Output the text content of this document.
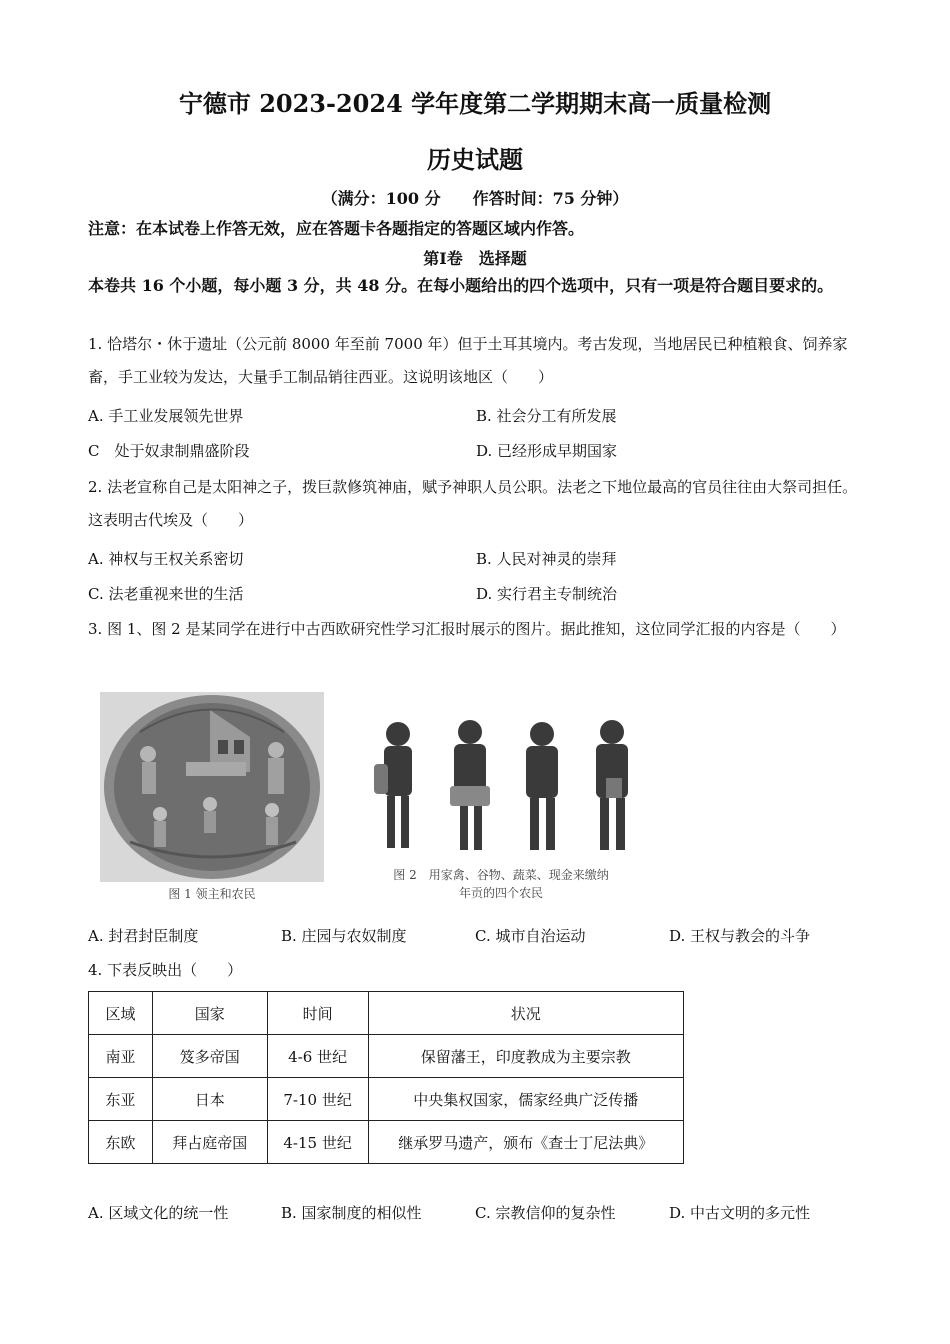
宁德市 2023-2024 学年度第二学期期末高一质量检测
历史试题
（满分：100 分　　作答时间：75 分钟）
注意：在本试卷上作答无效，应在答题卡各题指定的答题区域内作答。
第Ⅰ卷　选择题
本卷共 16 个小题，每小题 3 分，共 48 分。在每小题给出的四个选项中，只有一项是符合题目要求的。
1. 恰塔尔・休于遗址（公元前 8000 年至前 7000 年）但于土耳其境内。考古发现，当地居民已种植粮食、饲养家畜，手工业较为发达，大量手工制品销往西亚。这说明该地区（　　）
A. 手工业发展领先世界	B. 社会分工有所发展
C　处于奴隶制鼎盛阶段	D. 已经形成早期国家
2. 法老宣称自己是太阳神之子，拨巨款修筑神庙，赋予神职人员公职。法老之下地位最高的官员往往由大祭司担任。这表明古代埃及（　　）
A. 神权与王权关系密切	B. 人民对神灵的崇拜
C. 法老重视来世的生活	D. 实行君主专制统治
3. 图 1、图 2 是某同学在进行中古西欧研究性学习汇报时展示的图片。据此推知，这位同学汇报的内容是（　　）
图 1 领主和农民
图 2　用家禽、谷物、蔬菜、现金来缴纳
年贡的四个农民
A. 封君封臣制度	B. 庄园与农奴制度	C. 城市自治运动	D. 王权与教会的斗争
4. 下表反映出（　　）
区域	国家	时间	状况
南亚	笈多帝国	4-6 世纪	保留藩王，印度教成为主要宗教
东亚	日本	7-10 世纪	中央集权国家，儒家经典广泛传播
东欧	拜占庭帝国	4-15 世纪	继承罗马遗产，颁布《查士丁尼法典》
A. 区域文化的统一性	B. 国家制度的相似性	C. 宗教信仰的复杂性	D. 中古文明的多元性
